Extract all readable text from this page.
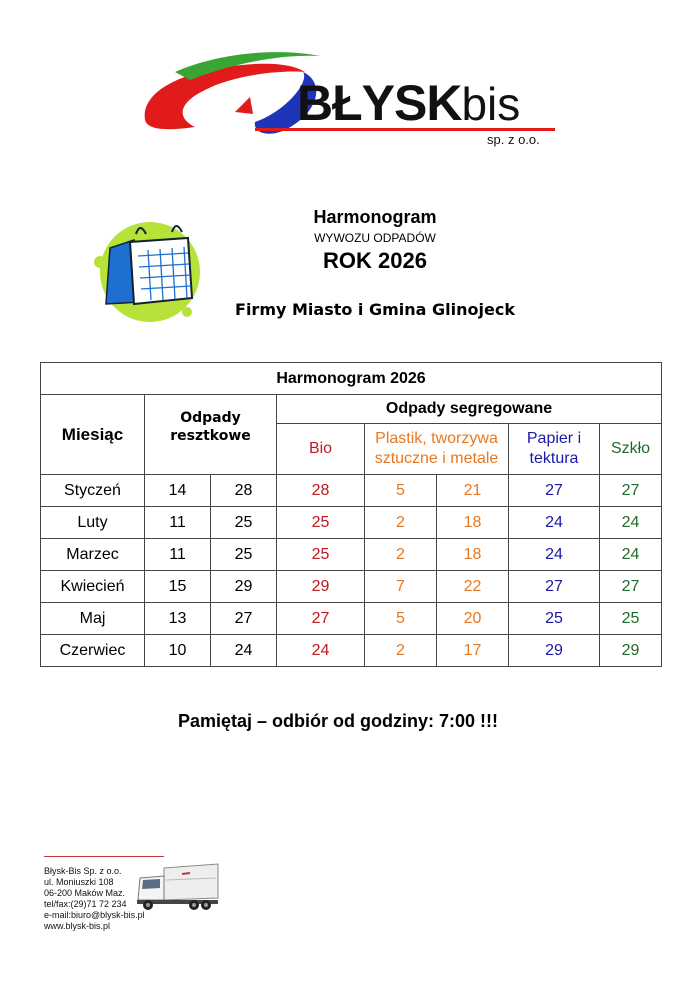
BŁYSKbis
sp. z o.o.
Harmonogram
WYWOZU ODPADÓW
ROK 2026
Firmy Miasto i Gmina Glinojeck
Harmonogram 2026							
Miesiąc	Odpady resztkowe		Odpady segregowane				
			Bio	Plastik, tworzywa sztuczne i metale		Papier i tektura	Szkło
Styczeń	14	28	28	5	21	27	27
Luty	11	25	25	2	18	24	24
Marzec	11	25	25	2	18	24	24
Kwiecień	15	29	29	7	22	27	27
Maj	13	27	27	5	20	25	25
Czerwiec	10	24	24	2	17	29	29
Pamiętaj – odbiór od godziny: 7:00 !!!
Błysk-Bis Sp. z o.o.
ul. Moniuszki 108
06-200 Maków Maz.
tel/fax:(29)71 72 234
e-mail:biuro@blysk-bis.pl
www.blysk-bis.pl
